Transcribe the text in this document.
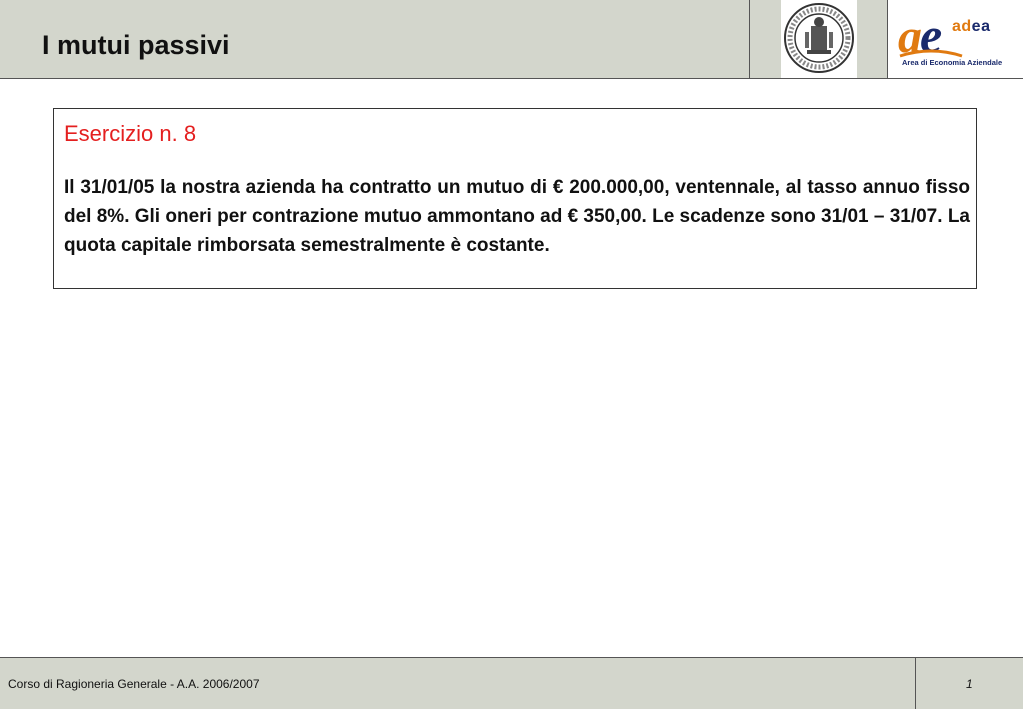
I mutui passivi	a
e adea
Area di Economia Aziendale
Esercizio n. 8
Il 31/01/05 la nostra azienda ha contratto un mutuo di € 200.000,00, ventennale, al tasso annuo fisso del 8%. Gli oneri per contrazione mutuo ammontano ad € 350,00. Le scadenze sono 31/01 – 31/07. La quota capitale rimborsata semestralmente è costante.
Corso di Ragioneria Generale - A.A. 2006/2007	1
